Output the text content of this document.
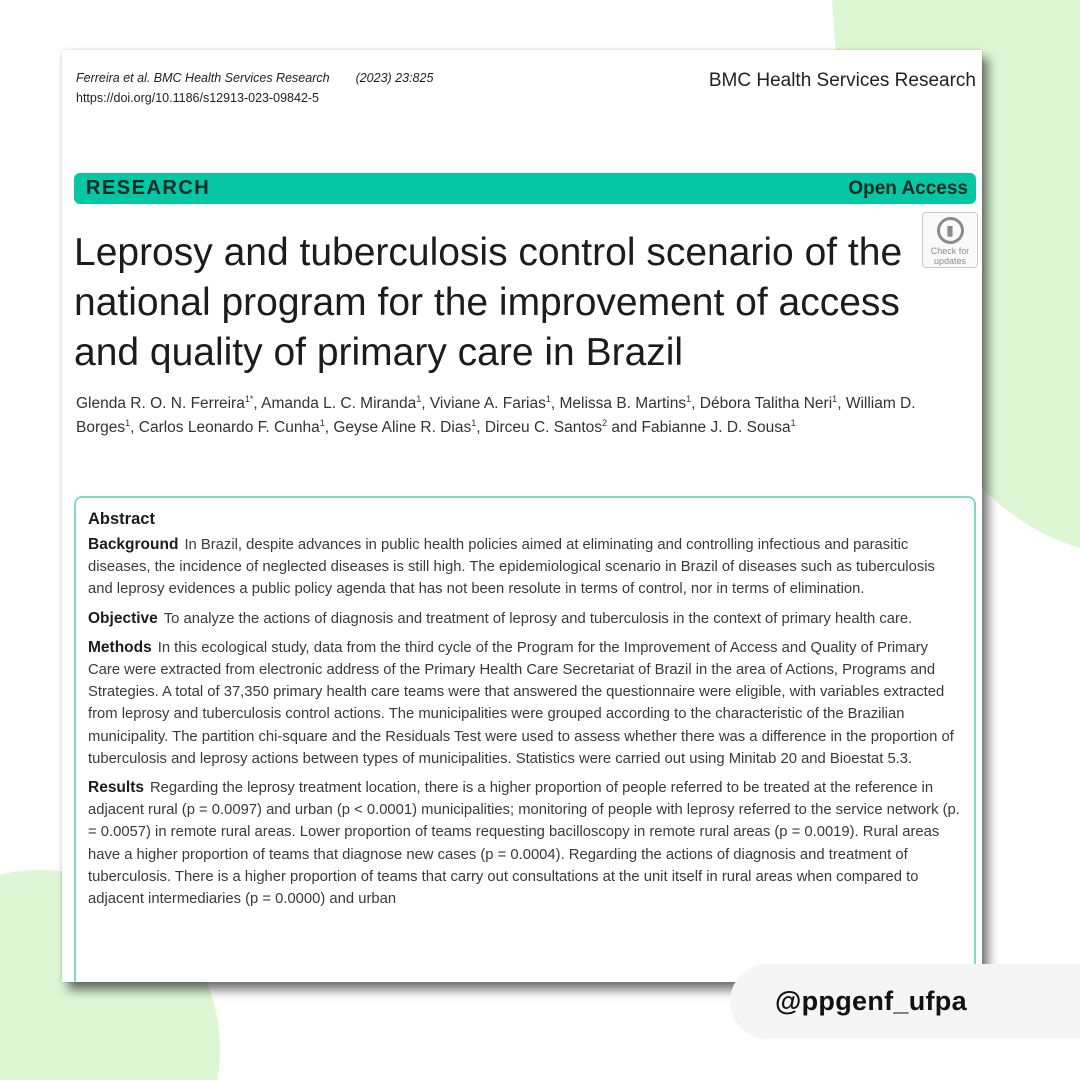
Ferreira et al. BMC Health Services Research (2023) 23:825
https://doi.org/10.1186/s12913-023-09842-5
BMC Health Services Research
RESEARCH	Open Access
▮
Check for
updates
Leprosy and tuberculosis control scenario of the national program for the improvement of access and quality of primary care in Brazil
Glenda R. O. N. Ferreira$^{1*}$, Amanda L. C. Miranda$^1$, Viviane A. Farias$^1$, Melissa B. Martins$^1$, Débora Talitha Neri$^1$, William D. Borges$^1$, Carlos Leonardo F. Cunha$^1$, Geyse Aline R. Dias$^1$, Dirceu C. Santos$^2$ and Fabianne J. D. Sousa$^1$
Abstract

Background In Brazil, despite advances in public health policies aimed at eliminating and controlling infectious and parasitic diseases, the incidence of neglected diseases is still high. The epidemiological scenario in Brazil of diseases such as tuberculosis and leprosy evidences a public policy agenda that has not been resolute in terms of control, nor in terms of elimination.

Objective To analyze the actions of diagnosis and treatment of leprosy and tuberculosis in the context of primary health care.

Methods In this ecological study, data from the third cycle of the Program for the Improvement of Access and Quality of Primary Care were extracted from electronic address of the Primary Health Care Secretariat of Brazil in the area of Actions, Programs and Strategies. A total of 37,350 primary health care teams were that answered the questionnaire were eligible, with variables extracted from leprosy and tuberculosis control actions. The municipalities were grouped according to the characteristic of the Brazilian municipality. The partition chi-square and the Residuals Test were used to assess whether there was a difference in the proportion of tuberculosis and leprosy actions between types of municipalities. Statistics were carried out using Minitab 20 and Bioestat 5.3.

Results Regarding the leprosy treatment location, there is a higher proportion of people referred to be treated at the reference in adjacent rural (p = 0.0097) and urban (p < 0.0001) municipalities; monitoring of people with leprosy referred to the service network (p. = 0.0057) in remote rural areas. Lower proportion of teams requesting bacilloscopy in remote rural areas (p = 0.0019). Rural areas have a higher proportion of teams that diagnose new cases (p = 0.0004). Regarding the actions of diagnosis and treatment of tuberculosis. There is a higher proportion of teams that carry out consultations at the unit itself in rural areas when compared to adjacent intermediaries (p = 0.0000) and urban

@ppgenf_ufpa
